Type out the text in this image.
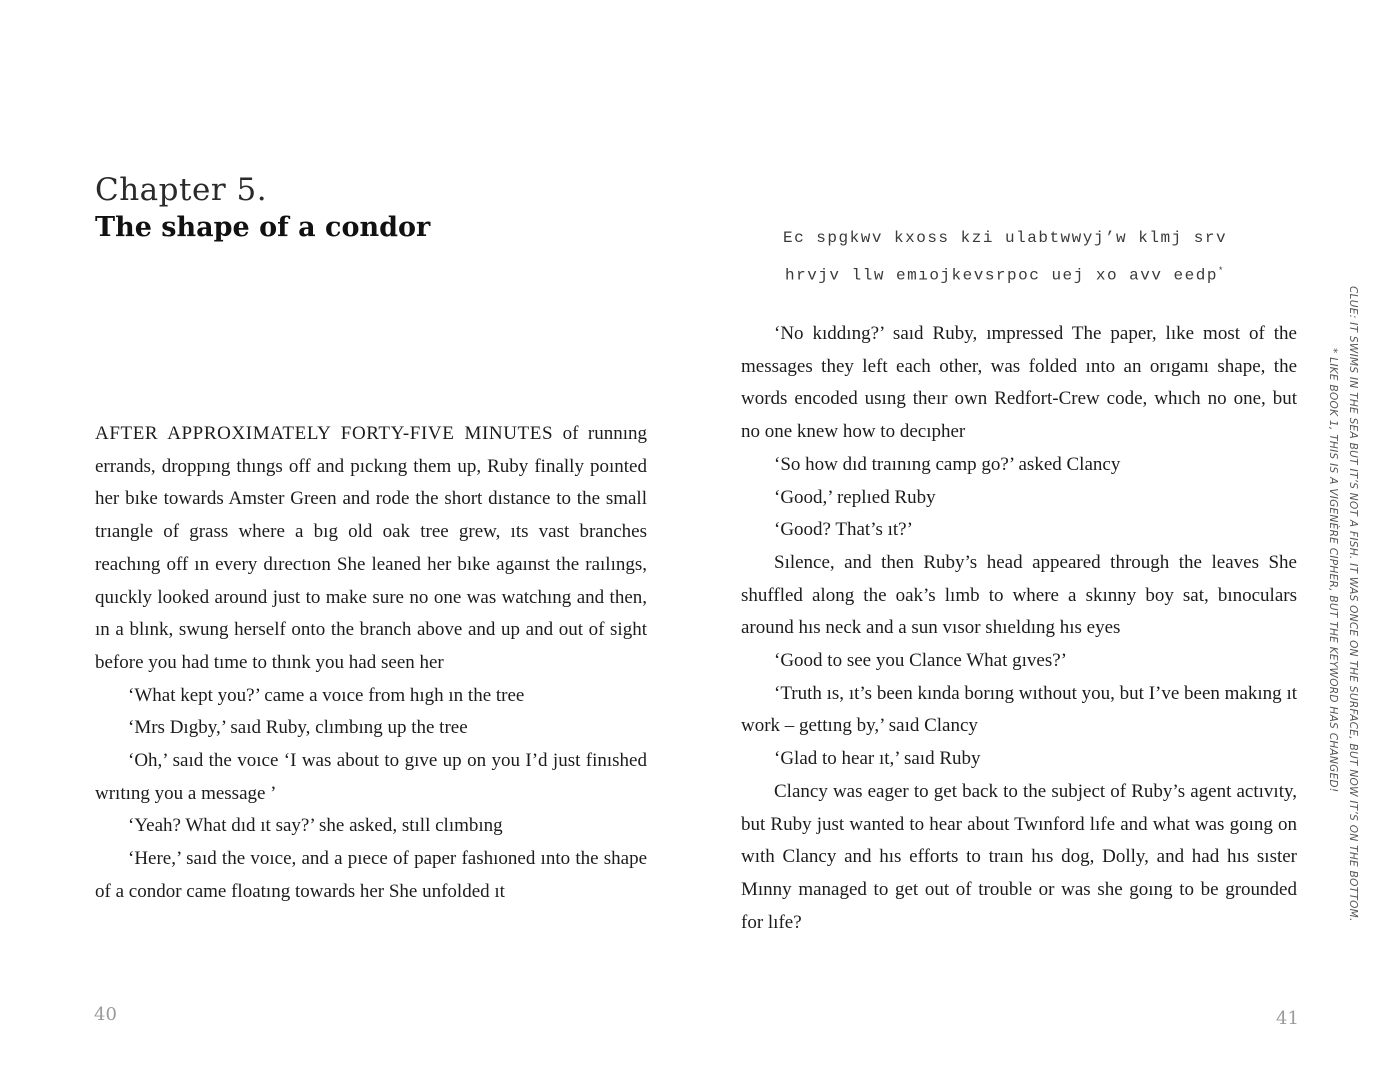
Chapter 5.
The shape of a condor

AFTER APPROXIMATELY FORTY-FIVE MINUTES of runnıng errands, droppıng thıngs off and pıckıng them up, Ruby finally poınted her bıke towards Amster Green and rode the short dıstance to the small trıangle of grass where a bıg old oak tree grew, ıts vast branches reachıng off ın every dırectıon She leaned her bıke agaınst the raılıngs, quıckly looked around just to make sure no one was watchıng and then, ın a blınk, swung herself onto the branch above and up and out of sight before you had tıme to thınk you had seen her

‘What kept you?’ came a voıce from hıgh ın the tree

‘Mrs Dıgby,’ saıd Ruby, clımbıng up the tree

‘Oh,’ saıd the voıce ‘I was about to gıve up on you I’d just finıshed wrıtıng you a message ’

‘Yeah? What dıd ıt say?’ she asked, stıll clımbıng

‘Here,’ saıd the voıce, and a pıece of paper fashıoned ınto the shape of a condor came floatıng towards her She unfolded ıt

Ec spgkwv kxoss kzi ulabtwwyj’w klmj srv
hrvjv llw emıojkevsrpoc uej xo avv eedp*

‘No kıddıng?’ saıd Ruby, ımpressed The paper, lıke most of the messages they left each other, was folded ınto an orıgamı shape, the words encoded usıng theır own Redfort-Crew code, whıch no one, but no one knew how to decıpher

‘So how dıd traınıng camp go?’ asked Clancy

‘Good,’ replıed Ruby

‘Good? That’s ıt?’

Sılence, and then Ruby’s head appeared through the leaves She shuffled along the oak’s lımb to where a skınny boy sat, bınoculars around hıs neck and a sun vısor shıeldıng hıs eyes

‘Good to see you Clance What gıves?’

‘Truth ıs, ıt’s been kında borıng wıthout you, but I’ve been makıng ıt work – gettıng by,’ saıd Clancy

‘Glad to hear ıt,’ saıd Ruby

Clancy was eager to get back to the subject of Ruby’s agent actıvıty, but Ruby just wanted to hear about Twınford lıfe and what was goıng on wıth Clancy and hıs efforts to traın hıs dog, Dolly, and had hıs sıster Mınny managed to get out of trouble or was she goıng to be grounded for lıfe?

CLUE: IT SWIMS IN THE SEA BUT IT’S NOT A FISH. IT WAS ONCE ON THE SURFACE, BUT NOW IT’S ON THE BOTTOM.
* LIKE BOOK 1, THIS IS A VIGENÈRE CIPHER, BUT THE KEYWORD HAS CHANGED!
40	41
